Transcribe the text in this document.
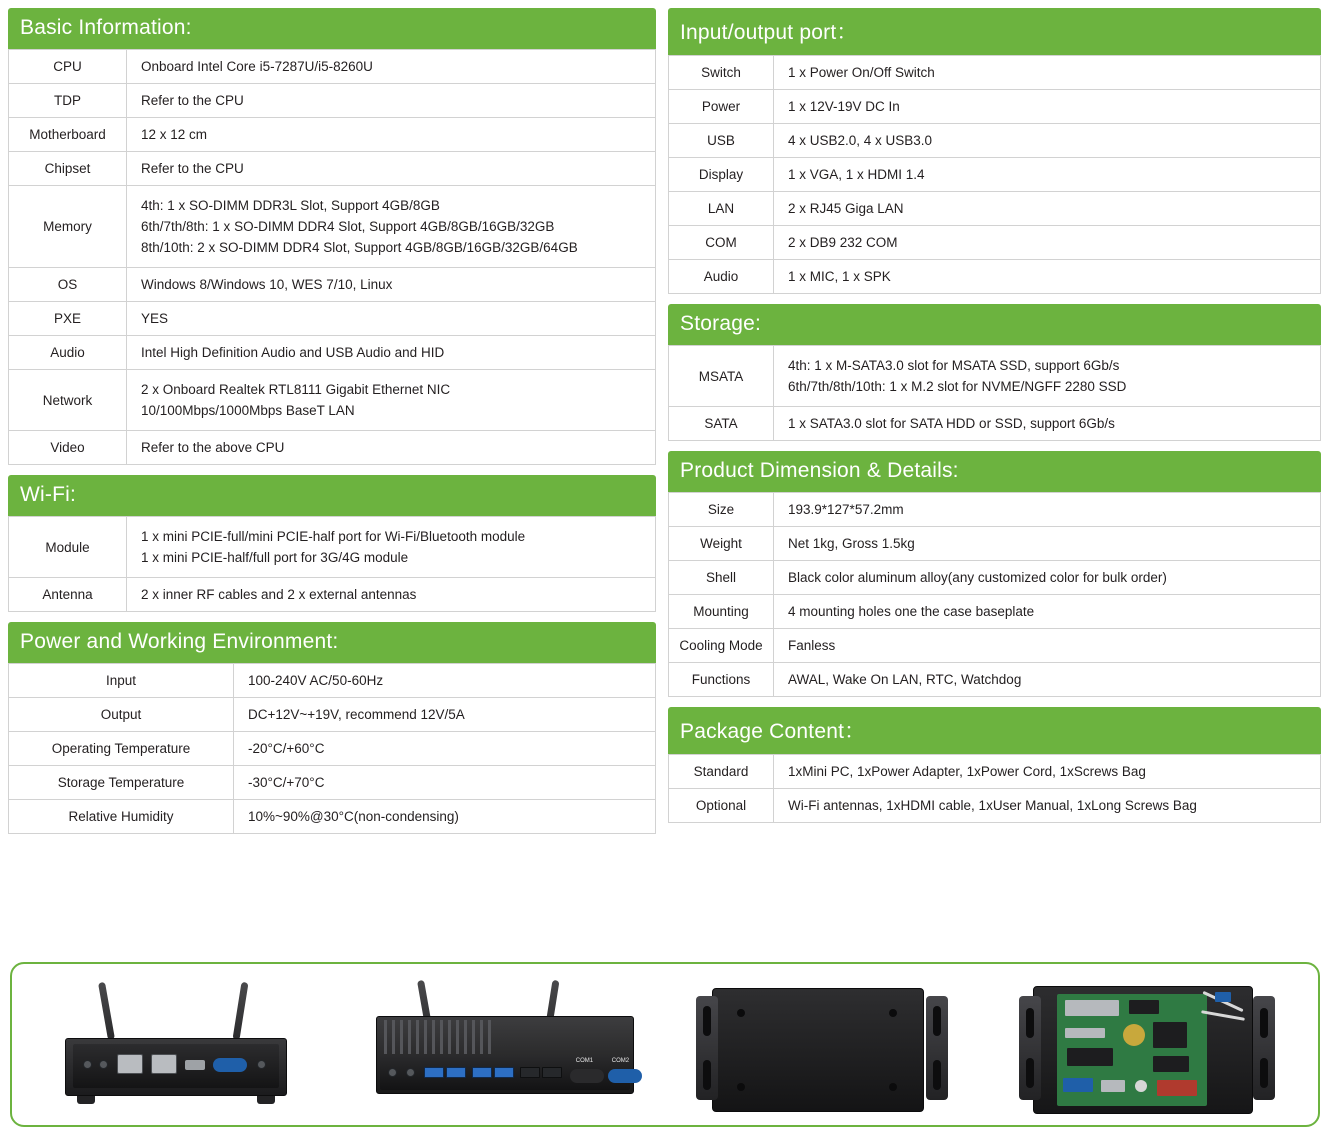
Basic Information:
CPU	Onboard Intel Core i5-7287U/i5-8260U
TDP	Refer to the CPU
Motherboard	12 x 12 cm
Chipset	Refer to the CPU
Memory	4th: 1 x SO-DIMM DDR3L Slot, Support 4GB/8GB
6th/7th/8th: 1 x SO-DIMM DDR4 Slot, Support 4GB/8GB/16GB/32GB
8th/10th: 2 x SO-DIMM DDR4 Slot, Support 4GB/8GB/16GB/32GB/64GB

OS	Windows 8/Windows 10, WES 7/10, Linux
PXE	YES
Audio	Intel High Definition Audio and USB Audio and HID
Network	2 x Onboard Realtek RTL8111 Gigabit Ethernet NIC
10/100Mbps/1000Mbps BaseT LAN

Video	Refer to the above CPU
Wi-Fi:
Module	1 x mini PCIE-full/mini PCIE-half port for Wi-Fi/Bluetooth module
1 x mini PCIE-half/full port for 3G/4G module

Antenna	2 x inner RF cables and 2 x external antennas
Power and Working Environment:
Input	100-240V AC/50-60Hz
Output	DC+12V~+19V, recommend 12V/5A
Operating Temperature	-20°C/+60°C
Storage Temperature	-30°C/+70°C
Relative Humidity	10%~90%@30°C(non-condensing)
Input/output port：
Switch	1 x Power On/Off Switch
Power	1 x 12V-19V DC In
USB	4 x USB2.0, 4 x USB3.0
Display	1 x VGA, 1 x HDMI 1.4
LAN	2 x RJ45 Giga LAN
COM	2 x DB9 232 COM
Audio	1 x MIC, 1 x SPK
Storage:
MSATA	4th: 1 x M-SATA3.0 slot for MSATA SSD, support 6Gb/s
6th/7th/8th/10th: 1 x M.2 slot for NVME/NGFF 2280 SSD

SATA	1 x SATA3.0 slot for SATA HDD or SSD, support 6Gb/s
Product Dimension & Details:
Size	193.9*127*57.2mm
Weight	Net 1kg, Gross 1.5kg
Shell	Black color aluminum alloy(any customized color for bulk order)
Mounting	4 mounting holes one the case baseplate
Cooling Mode	Fanless
Functions	AWAL, Wake On LAN, RTC, Watchdog
Package Content：
Standard	1xMini PC, 1xPower Adapter, 1xPower Cord, 1xScrews Bag
Optional	Wi-Fi antennas, 1xHDMI cable, 1xUser Manual, 1xLong Screws Bag
COM1	COM2
